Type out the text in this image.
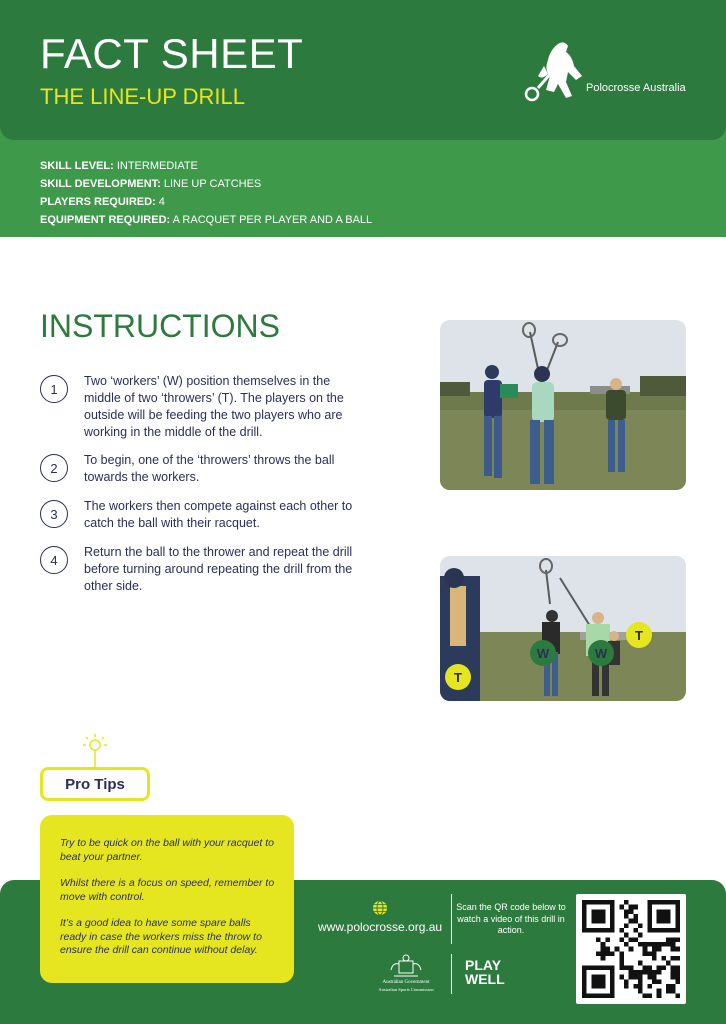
FACT SHEET
THE LINE-UP DRILL	Polocrosse Australia
SKILL LEVEL: INTERMEDIATE
SKILL DEVELOPMENT: LINE UP CATCHES
PLAYERS REQUIRED: 4
EQUIPMENT REQUIRED: A RACQUET PER PLAYER AND A BALL
INSTRUCTIONS
1
Two ‘workers’ (W) position themselves in the middle of two ‘throwers’ (T). The players on the outside will be feeding the two players who are working in the middle of the drill.
2
To begin, one of the ‘throwers’ throws the ball towards the workers.
3
The workers then compete against each other to catch the ball with their racquet.
4
Return the ball to the thrower and repeat the drill before turning around repeating the drill from the other side.
T
W	W
T
Pro Tips

Try to be quick on the ball with your racquet to beat your partner.

Whilst there is a focus on speed, remember to move with control.

It’s a good idea to have some spare balls ready in case the workers miss the throw to ensure the drill can continue without delay.

www.polocrosse.org.au
Scan the QR code below to watch a video of this drill in action.
Australian Government
Australian Sports Commission
PLAY
WELL
